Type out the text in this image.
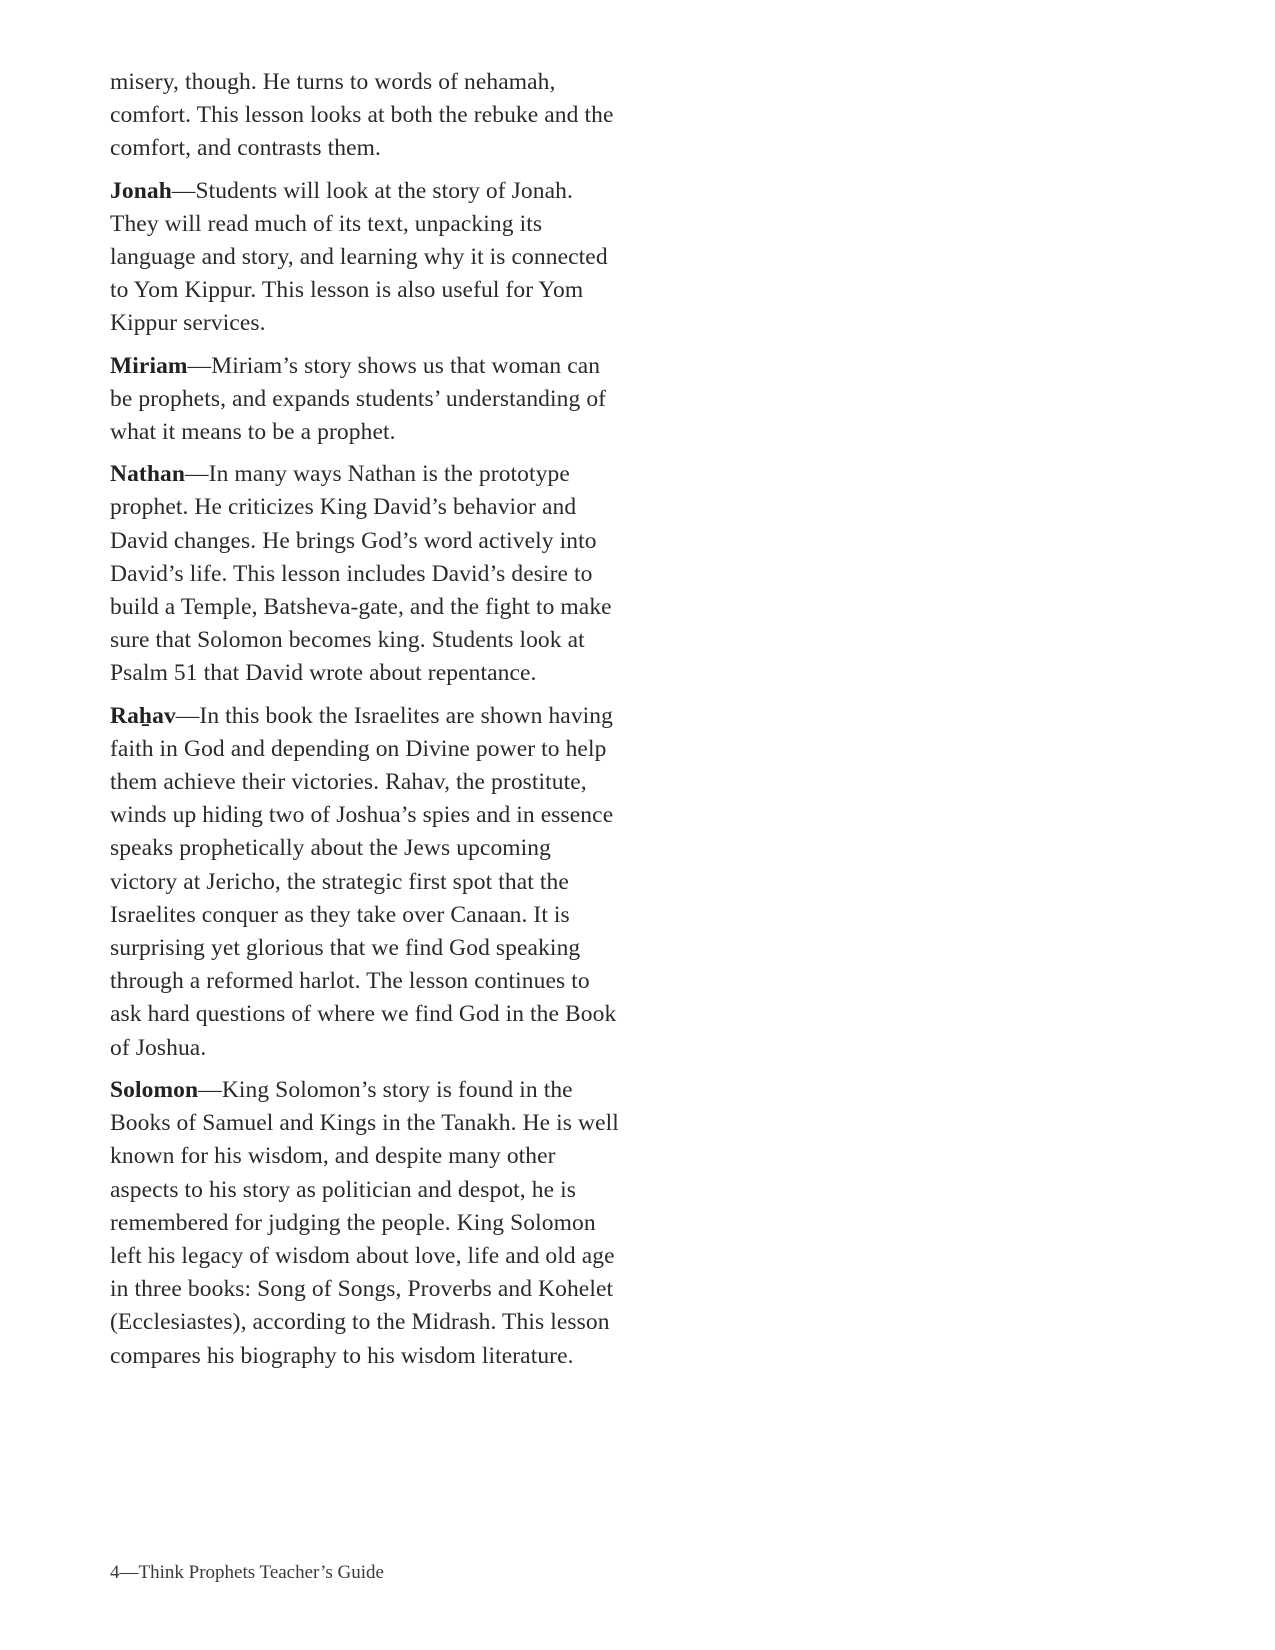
misery, though. He turns to words of nehamah, comfort. This lesson looks at both the rebuke and the comfort, and contrasts them.

Jonah—Students will look at the story of Jonah. They will read much of its text, unpacking its language and story, and learning why it is connected to Yom Kippur. This lesson is also useful for Yom Kippur services.

Miriam—Miriam’s story shows us that woman can be prophets, and expands students’ understanding of what it means to be a prophet.

Nathan—In many ways Nathan is the prototype prophet. He criticizes King David’s behavior and David changes. He brings God’s word actively into David’s life. This lesson includes David’s desire to build a Temple, Batsheva-gate, and the fight to make sure that Solomon becomes king. Students look at Psalm 51 that David wrote about repentance.

Raẖav—In this book the Israelites are shown having faith in God and depending on Divine power to help them achieve their victories. Rahav, the prostitute, winds up hiding two of Joshua’s spies and in essence speaks prophetically about the Jews upcoming victory at Jericho, the strategic first spot that the Israelites conquer as they take over Canaan. It is surprising yet glorious that we find God speaking through a reformed harlot. The lesson continues to ask hard questions of where we find God in the Book of Joshua.

Solomon—King Solomon’s story is found in the Books of Samuel and Kings in the Tanakh. He is well known for his wisdom, and despite many other aspects to his story as politician and despot, he is remembered for judging the people. King Solomon left his legacy of wisdom about love, life and old age in three books: Song of Songs, Proverbs and Kohelet (Ecclesiastes), according to the Midrash. This lesson compares his biography to his wisdom literature.

4—Think Prophets Teacher’s Guide
